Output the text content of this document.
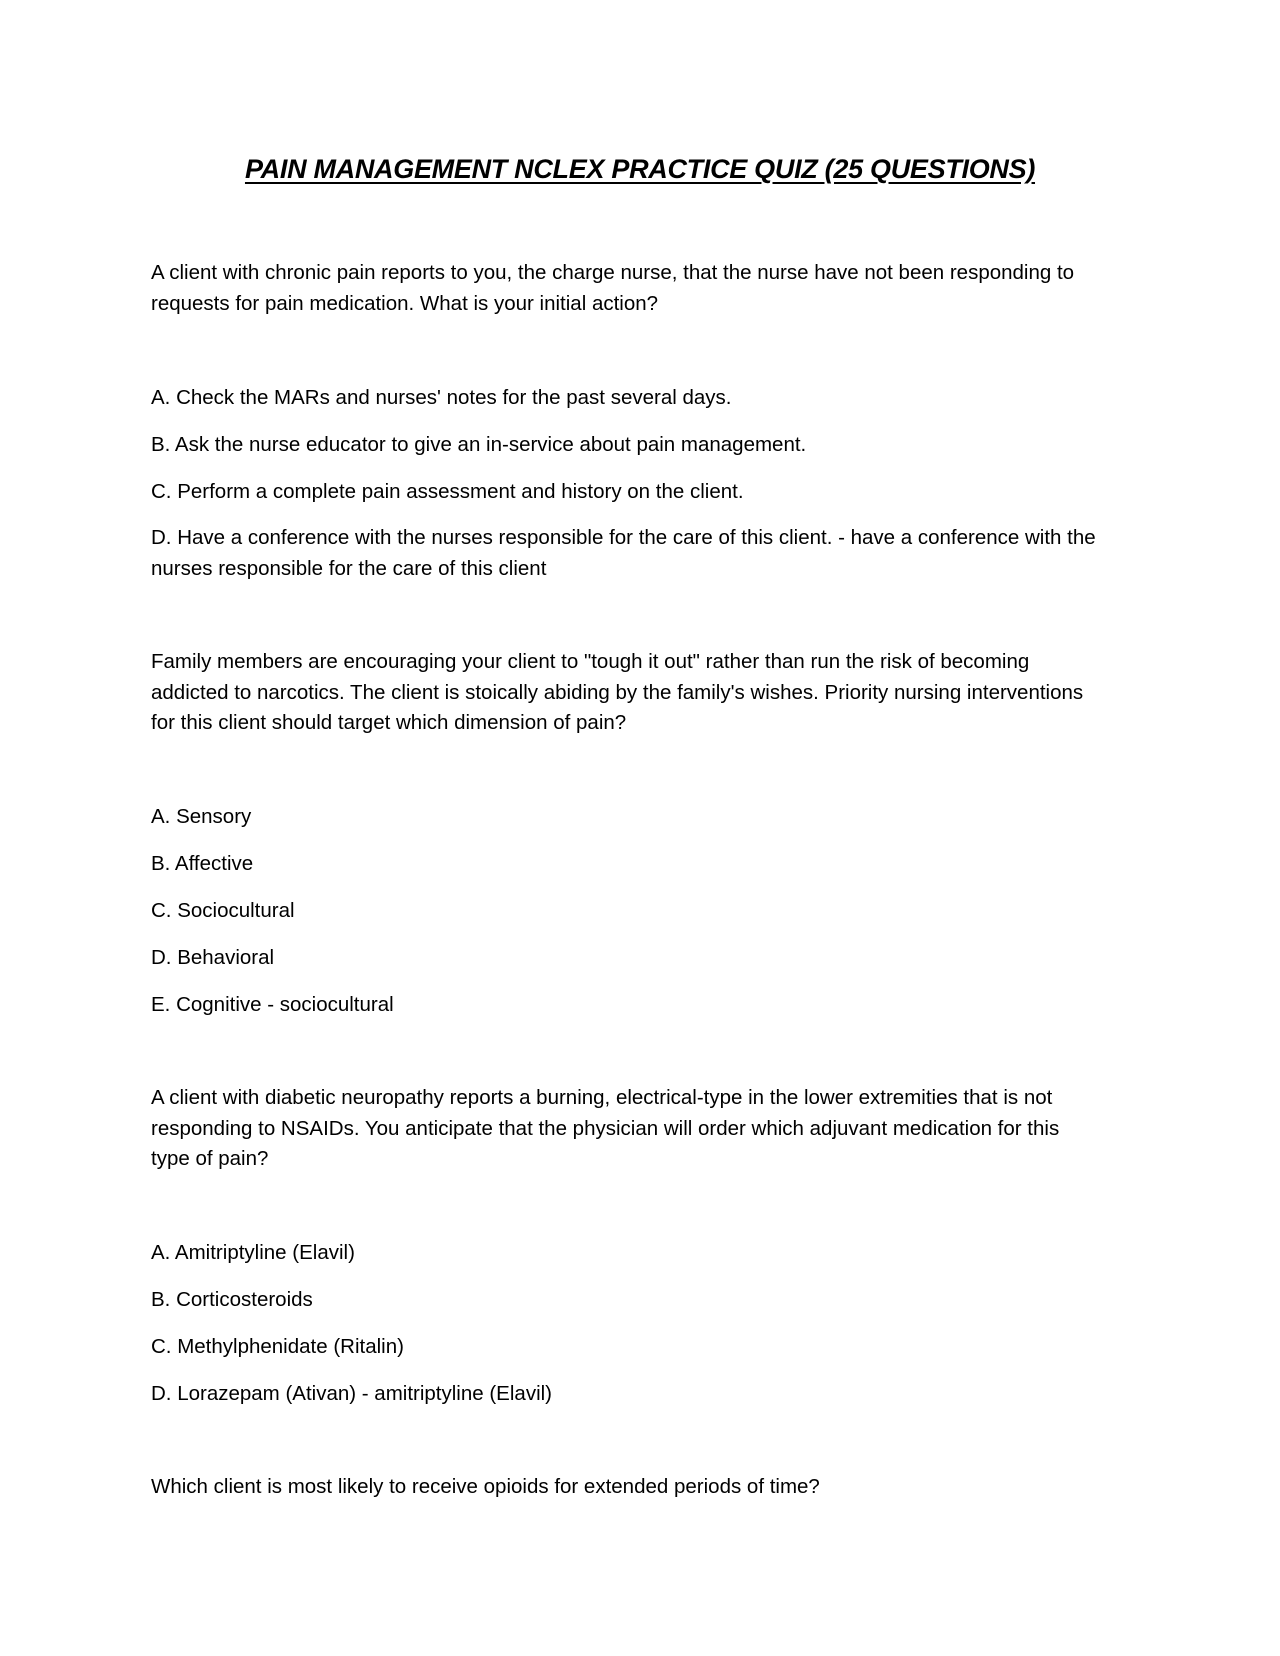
PAIN MANAGEMENT NCLEX PRACTICE QUIZ (25 QUESTIONS)
A client with chronic pain reports to you, the charge nurse, that the nurse have not been responding to
requests for pain medication. What is your initial action?
A. Check the MARs and nurses' notes for the past several days.
B. Ask the nurse educator to give an in-service about pain management.
C. Perform a complete pain assessment and history on the client.
D. Have a conference with the nurses responsible for the care of this client. - have a conference with the
nurses responsible for the care of this client
Family members are encouraging your client to "tough it out" rather than run the risk of becoming
addicted to narcotics. The client is stoically abiding by the family's wishes. Priority nursing interventions
for this client should target which dimension of pain?
A. Sensory
B. Affective
C. Sociocultural
D. Behavioral
E. Cognitive - sociocultural
A client with diabetic neuropathy reports a burning, electrical-type in the lower extremities that is not
responding to NSAIDs. You anticipate that the physician will order which adjuvant medication for this
type of pain?
A. Amitriptyline (Elavil)
B. Corticosteroids
C. Methylphenidate (Ritalin)
D. Lorazepam (Ativan) - amitriptyline (Elavil)
Which client is most likely to receive opioids for extended periods of time?
